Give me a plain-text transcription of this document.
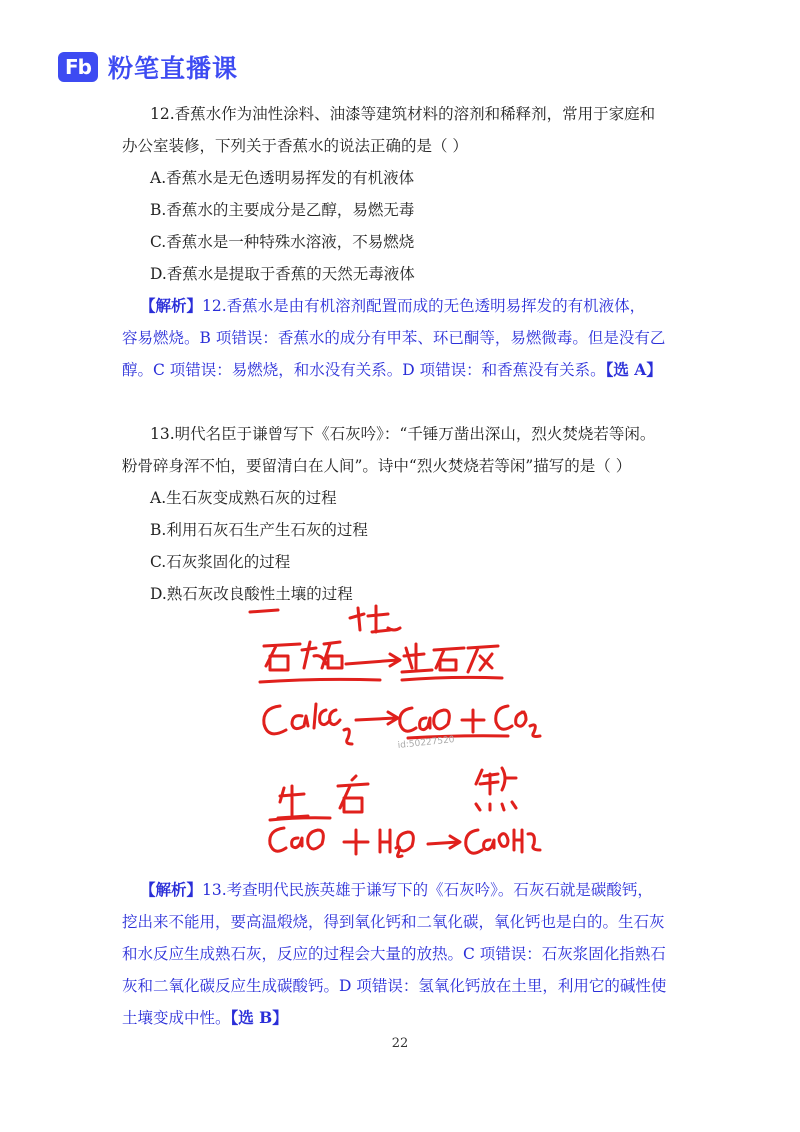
Fb 粉笔直播课

12.香蕉水作为油性涂料、油漆等建筑材料的溶剂和稀释剂，常用于家庭和

办公室装修，下列关于香蕉水的说法正确的是（ ）

A.香蕉水是无色透明易挥发的有机液体

B.香蕉水的主要成分是乙醇，易燃无毒

C.香蕉水是一种特殊水溶液，不易燃烧

D.香蕉水是提取于香蕉的天然无毒液体

【解析】12.香蕉水是由有机溶剂配置而成的无色透明易挥发的有机液体，

容易燃烧。B 项错误：香蕉水的成分有甲苯、环已酮等，易燃微毒。但是没有乙

醇。C 项错误：易燃烧，和水没有关系。D 项错误：和香蕉没有关系。【选 A】

13.明代名臣于谦曾写下《石灰吟》：“千锤万凿出深山，烈火焚烧若等闲。

粉骨碎身浑不怕，要留清白在人间”。诗中“烈火焚烧若等闲”描写的是（ ）

A.生石灰变成熟石灰的过程

B.利用石灰石生产生石灰的过程

C.石灰浆固化的过程

D.熟石灰改良酸性土壤的过程

id:50227520

【解析】13.考查明代民族英雄于谦写下的《石灰吟》。石灰石就是碳酸钙，

挖出来不能用，要高温煅烧，得到氧化钙和二氧化碳，氧化钙也是白的。生石灰

和水反应生成熟石灰，反应的过程会大量的放热。C 项错误：石灰浆固化指熟石

灰和二氧化碳反应生成碳酸钙。D 项错误：氢氧化钙放在土里，利用它的碱性使

土壤变成中性。【选 B】

22
